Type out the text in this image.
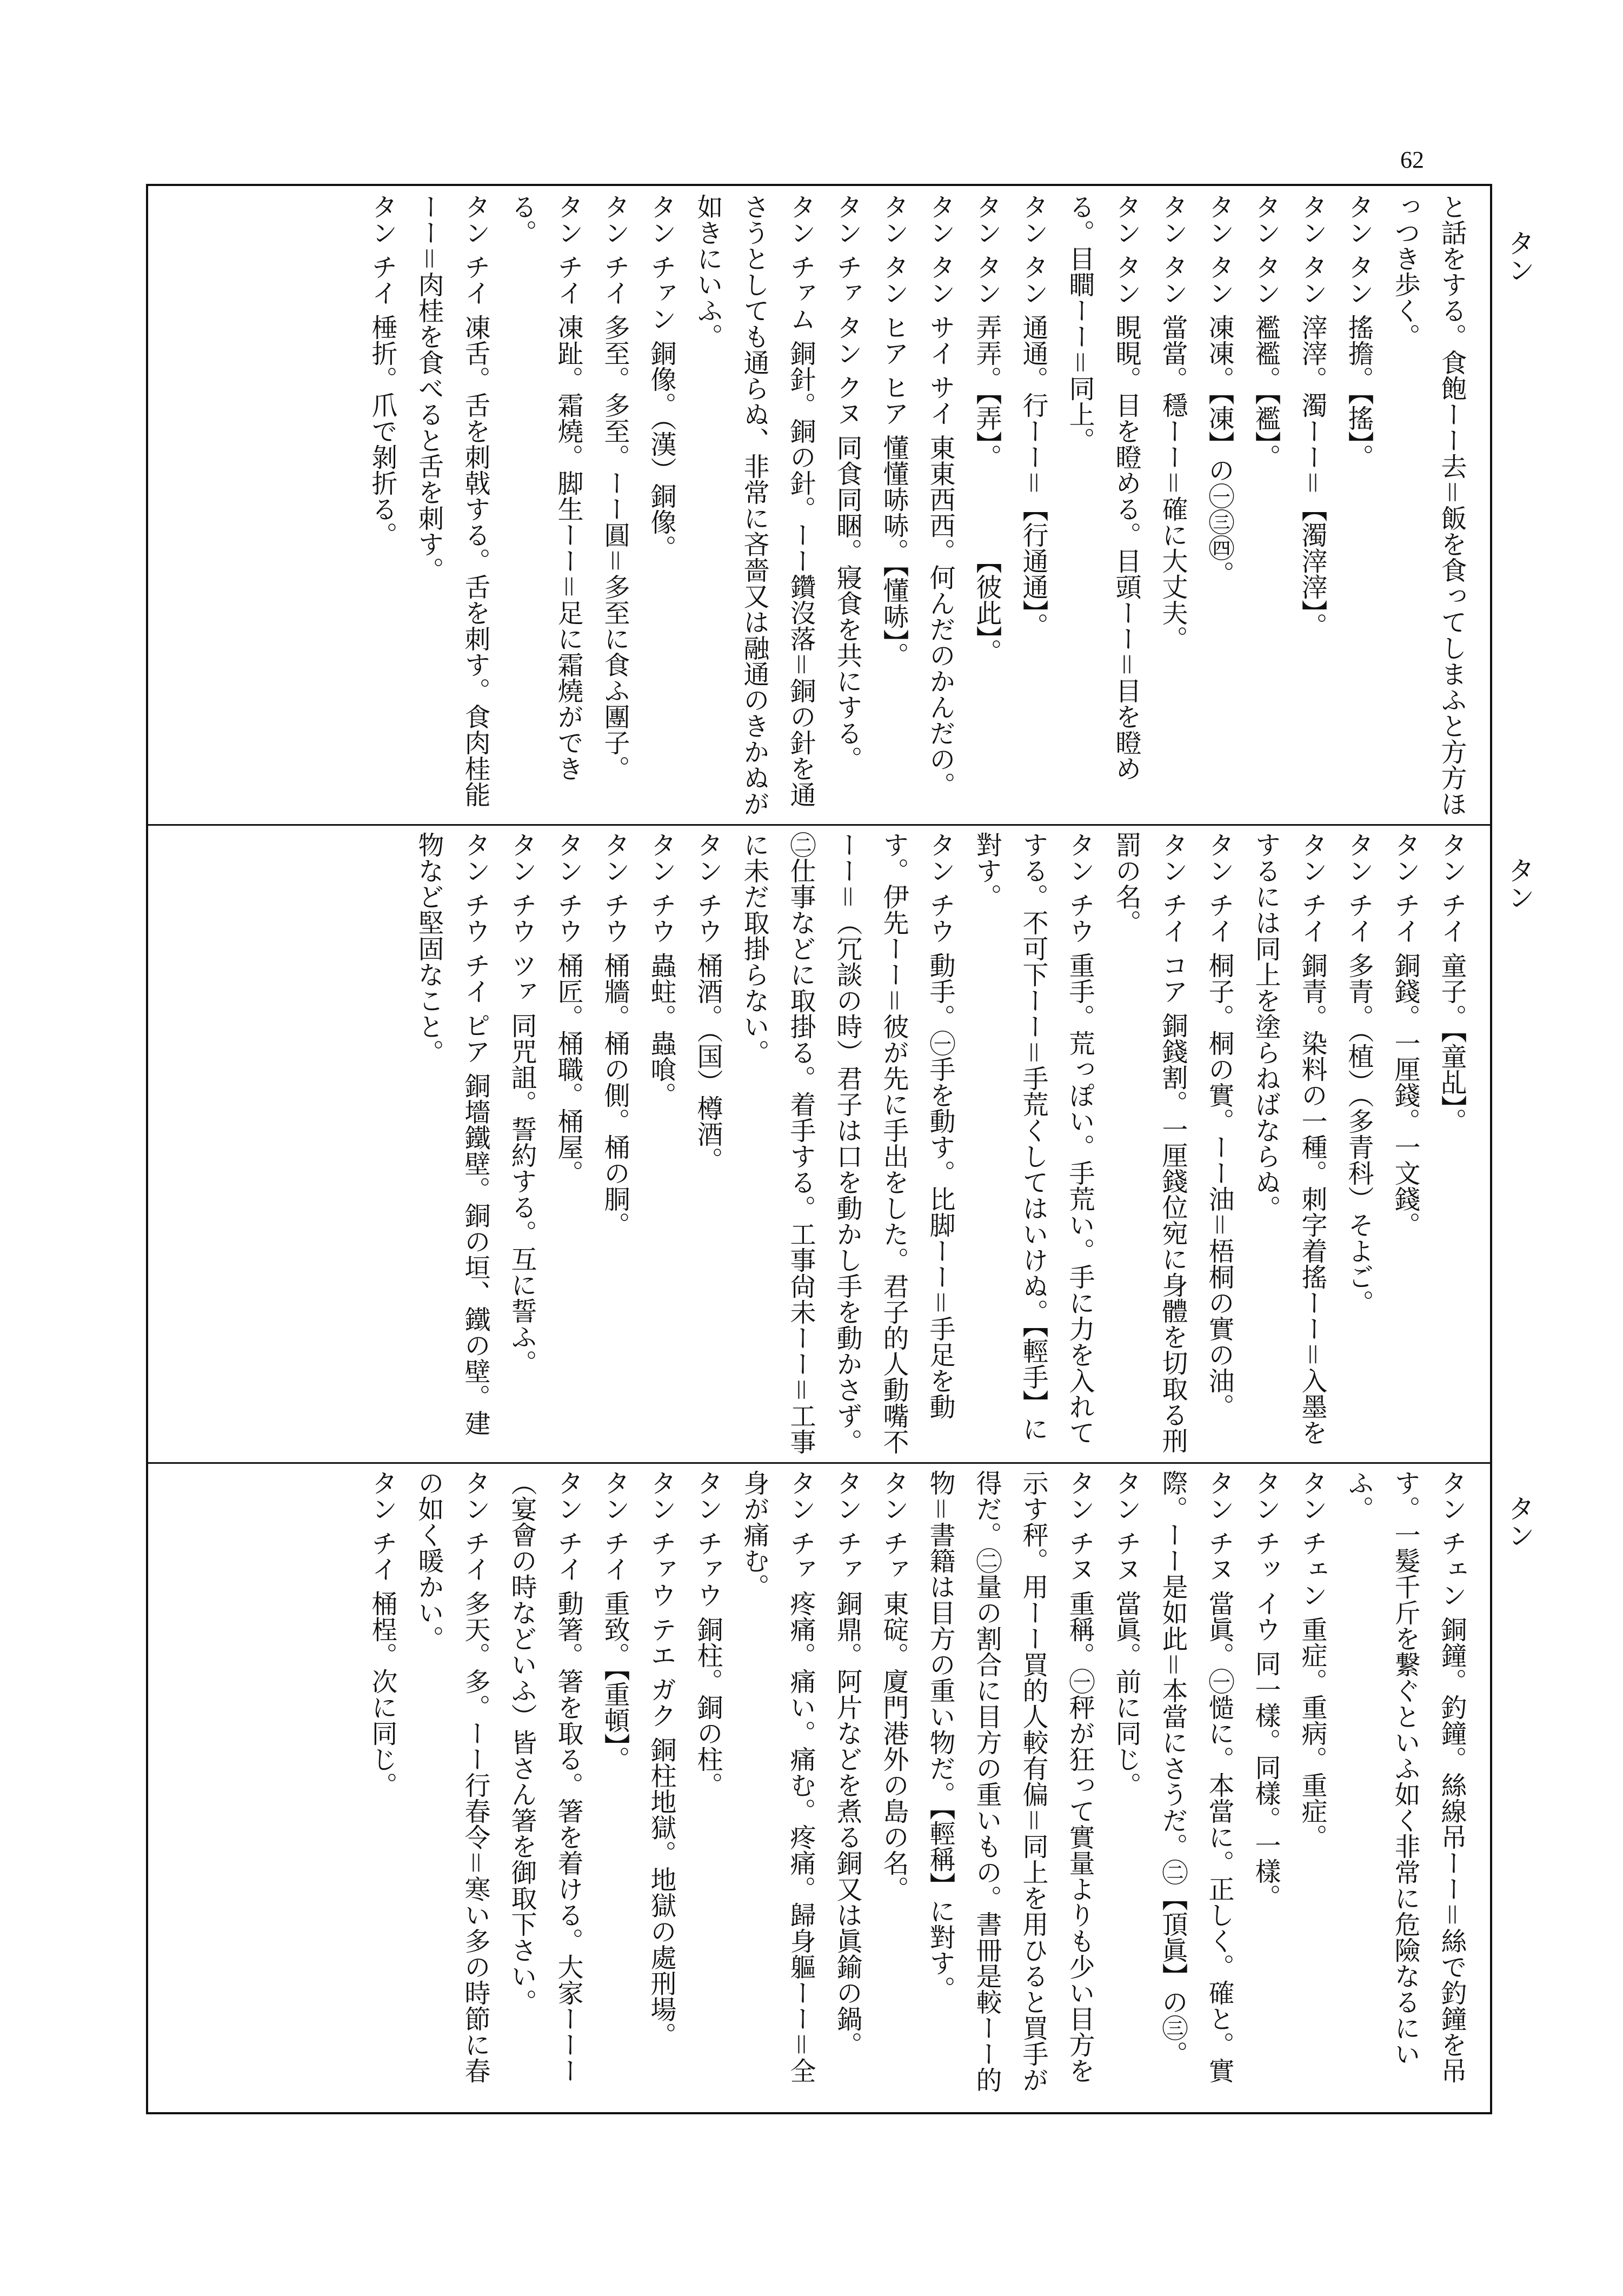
62
と話をする。食飽ーー去＝飯を食ってしまふと方方ほっつき歩く。
タン タン 搖擔。【搖】。
タン タン 滓滓。濁ーー＝【濁滓滓】。
タン タン 襤襤。【襤】。
タン タン 凍凍。【凍】の㊀㊂㊃。
タン タン 當當。穩ーー＝確に大丈夫。
タン タン 睍睍。目を瞪める。目頭ーー＝目を瞪める。目瞷ーー＝同上。
タン タン 通通。行ーー＝【行通通】。
タン タン 弄弄。【弄】。　　　　【彼此】。
タン タン サイ サイ 東東西西。何んだのかんだの。
タン タン ヒア ヒア 懂懂哧哧。【懂哧】。
タン チァ タン クヌ 同食同睏。寢食を共にする。
タン チァム 銅針。銅の針。ーー鑽沒落＝銅の針を通さうとしても通らぬ、非常に吝嗇又は融通のきかぬが如きにいふ。
タン チァン 銅像。（漢）銅像。
タン チイ 多至。多至。ーー圓＝多至に食ふ團子。
タン チイ 凍趾。霜燒。脚生ーー＝足に霜燒ができる。
タン チイ 凍舌。舌を刺戟する。舌を刺す。食肉桂能ーー＝肉桂を食べると舌を刺す。
タン チイ 棰折。爪で剝折る。
タン チイ 童子。【童乩】。
タン チイ 銅錢。一厘錢。一文錢。
タン チイ 多青。（植）（多青科）そよご。
タン チイ 銅青。染料の一種。刺字着搖ーー＝入墨をするには同上を塗らねばならぬ。
タン チイ 桐子。桐の實。ーー油＝梧桐の實の油。
タン チイ コア 銅錢割。一厘錢位宛に身體を切取る刑罰の名。
タン チウ 重手。荒っぽい。手荒い。手に力を入れてする。不可下ーー＝手荒くしてはいけぬ。【輕手】に對す。
タン チウ 動手。㊀手を動す。比脚ーー＝手足を動す。伊先ーー＝彼が先に手出をした。君子的人動嘴不ーー＝（冗談の時）君子は口を動かし手を動かさず。㊁仕事などに取掛る。着手する。工事尙未ーー＝工事に未だ取掛らない。
タン チウ 桶酒。（国）樽酒。
タン チウ 蟲蛀。蟲喰。
タン チウ 桶牆。桶の側。桶の胴。
タン チウ 桶匠。桶職。桶屋。
タン チウ ツァ 同咒詛。誓約する。互に誓ふ。
タン チウ チイ ピア 銅墻鐵壁。銅の垣、鐵の壁。建物など堅固なこと。
タン チェン 銅鐘。釣鐘。絲線吊ーー＝絲で釣鐘を吊す。一髮千斤を繋ぐといふ如く非常に危險なるにいふ。
タン チェン 重症。重病。重症。
タン チッ イウ 同一樣。同樣。一樣。
タン チヌ 當眞。㊀慥に。本當に。正しく。確と。實際。ーー是如此＝本當にさうだ。㊁【頂眞】の㊂。
タン チヌ 當眞。前に同じ。
タン チヌ 重稱。㊀秤が狂って實量よりも少い目方を示す秤。用ーー買的人較有偏＝同上を用ひると買手が得だ。㊁量の割合に目方の重いもの。書冊是較ーー的物＝書籍は目方の重い物だ。【輕稱】に對す。
タン チァ 東碇。廈門港外の島の名。
タン チァ 銅鼎。阿片などを煮る銅又は眞鍮の鍋。
タン チァ 疼痛。痛い。痛む。疼痛。歸身軀ーー＝全身が痛む。
タン チァウ 銅柱。銅の柱。
タン チァウ テエ ガク 銅柱地獄。地獄の處刑場。
タン チイ 重致。【重頓】。
タン チイ 動箸。箸を取る。箸を着ける。大家ーーー（宴會の時などいふ）皆さん箸を御取下さい。
タン チイ 多天。多。ーー行春令＝寒い多の時節に春の如く暖かい。
タン チイ 桶桯。次に同じ。
タン
タン
タン
